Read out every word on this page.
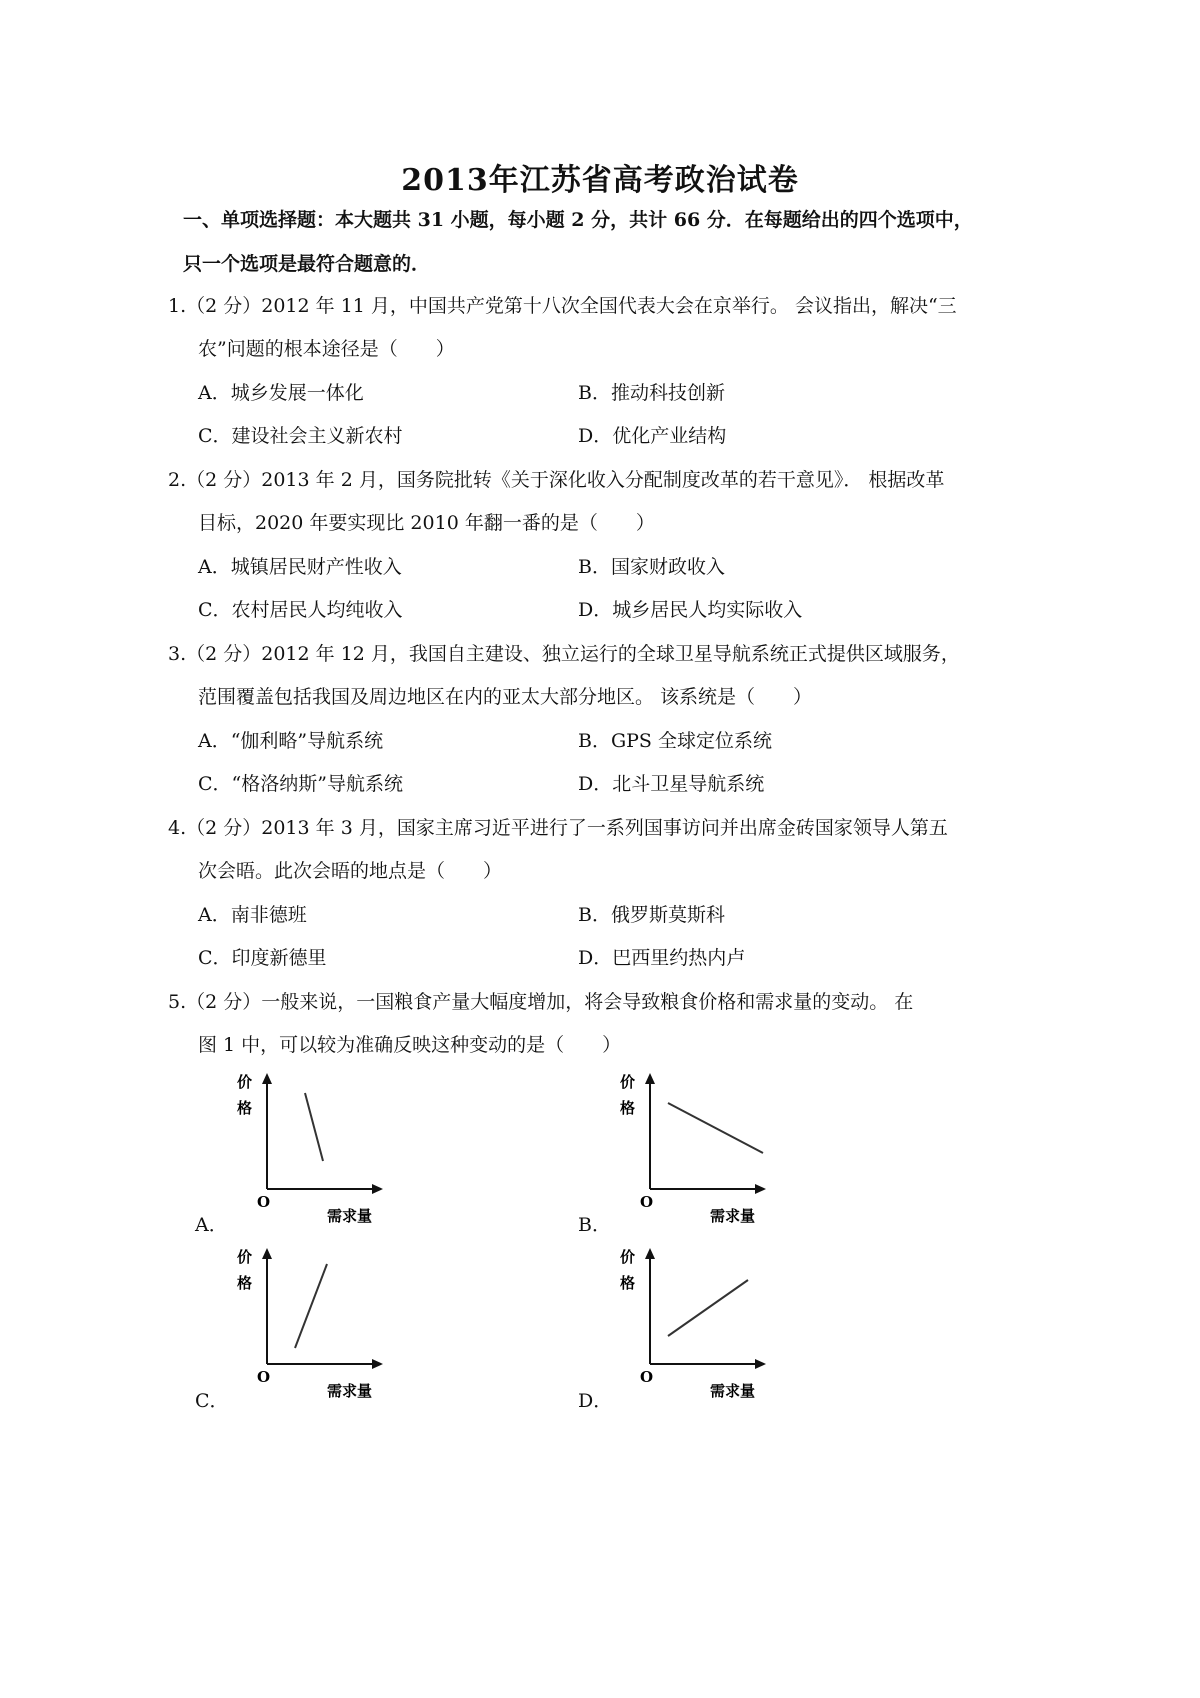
2013年江苏省高考政治试卷
一、单项选择题：本大题共 31 小题，每小题 2 分，共计 66 分．在每题给出的四个选项中，
只一个选项是最符合题意的．
1.（2 分）2012 年 11 月，中国共产党第十八次全国代表大会在京举行。 会议指出，解决“三
农”问题的根本途径是（　　）
A．城乡发展一体化	B．推动科技创新
C．建设社会主义新农村	D．优化产业结构
2.（2 分）2013 年 2 月，国务院批转《关于深化收入分配制度改革的若干意见》． 根据改革
目标，2020 年要实现比 2010 年翻一番的是（　　）
A．城镇居民财产性收入	B．国家财政收入
C．农村居民人均纯收入	D．城乡居民人均实际收入
3.（2 分）2012 年 12 月，我国自主建设、独立运行的全球卫星导航系统正式提供区域服务，
范围覆盖包括我国及周边地区在内的亚太大部分地区。 该系统是（　　）
A．“伽利略”导航系统	B．GPS 全球定位系统
C．“格洛纳斯”导航系统	D．北斗卫星导航系统
4.（2 分）2013 年 3 月，国家主席习近平进行了一系列国事访问并出席金砖国家领导人第五
次会晤。此次会晤的地点是（　　）
A．南非德班	B．俄罗斯莫斯科
C．印度新德里	D．巴西里约热内卢
5.（2 分）一般来说，一国粮食产量大幅度增加，将会导致粮食价格和需求量的变动。 在
图 1 中，可以较为准确反映这种变动的是（　　）
A．
价
格
O
需求量	B．
价
格
O
需求量
C．
价
格
O
需求量	D．
价
格
O
需求量
